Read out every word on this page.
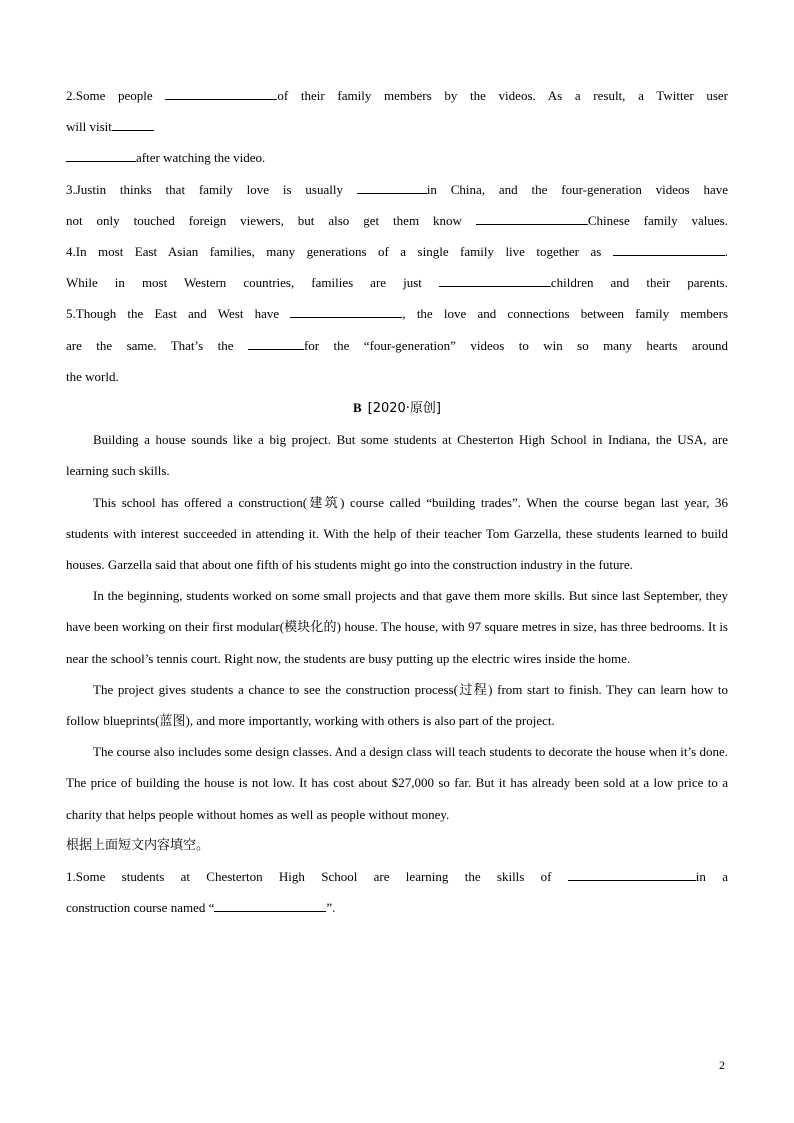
2.Some people	of their family members by the videos. As a result, a Twitter user

will visit

after watching the video.

3.Justin thinks that family love is usually	in China, and the four-generation videos have

not only touched foreign viewers, but also get them know	Chinese family values.

4.In most East Asian families, many generations of a single family live together as	.

While in most Western countries, families are just	children and their parents.

5.Though the East and West have	, the love and connections between family members

are the same. That’s the	for the “four-generation” videos to win so many hearts around

the world.

B [2020·原创]

Building a house sounds like a big project. But some students at Chesterton High School in Indiana, the USA, are learning such skills.

This school has offered a construction(建筑) course called “building trades”. When the course began last year, 36 students with interest succeeded in attending it. With the help of their teacher Tom Garzella, these students learned to build houses. Garzella said that about one fifth of his students might go into the construction industry in the future.

In the beginning, students worked on some small projects and that gave them more skills. But since last September, they have been working on their first modular(模块化的) house. The house, with 97 square metres in size, has three bedrooms. It is near the school’s tennis court. Right now, the students are busy putting up the electric wires inside the home.

The project gives students a chance to see the construction process(过程) from start to finish. They can learn how to follow blueprints(蓝图), and more importantly, working with others is also part of the project.

The course also includes some design classes. And a design class will teach students to decorate the house when it’s done. The price of building the house is not low. It has cost about $27,000 so far. But it has already been sold at a low price to a charity that helps people without homes as well as people without money.

根据上面短文内容填空。

1.Some students at Chesterton High School are learning the skills of	in a

construction course named “	”.

2
